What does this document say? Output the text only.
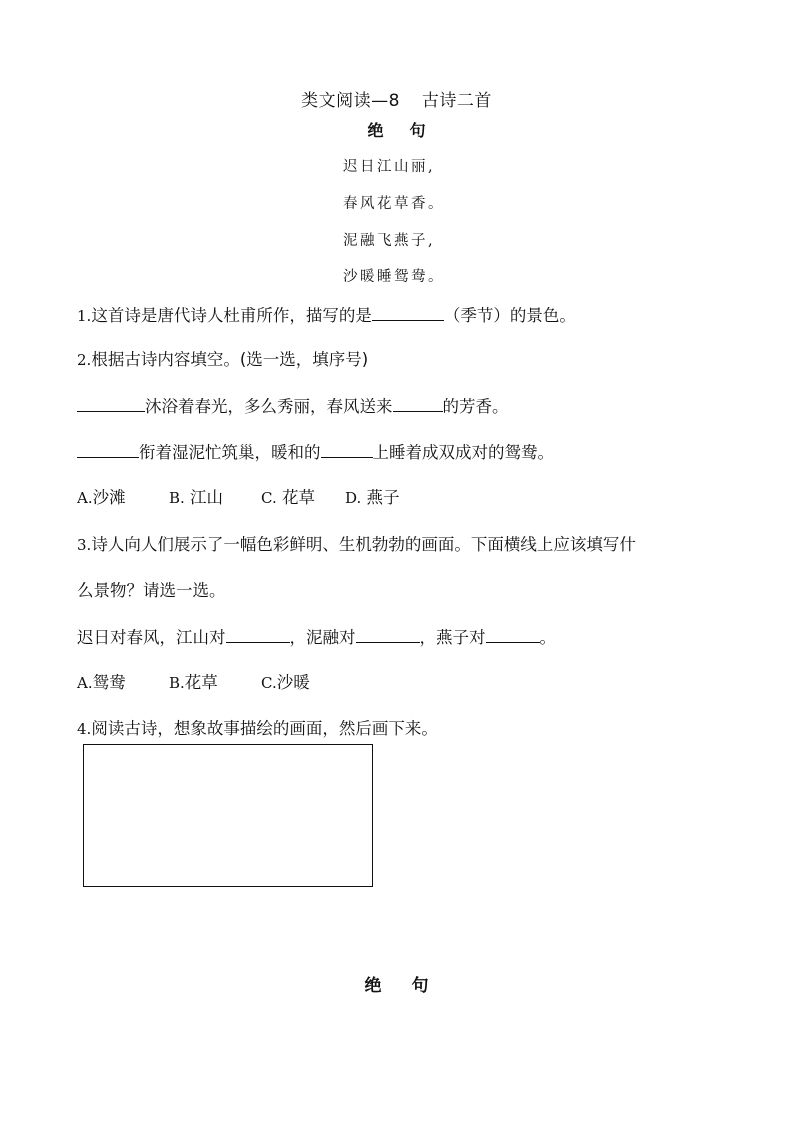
类文阅读—8 古诗二首
绝 句
迟日江山丽,
春风花草香。
泥融飞燕子,
沙暖睡鸳鸯。
1.这首诗是唐代诗人杜甫所作，描写的是	（季节）的景色。
2.根据古诗内容填空。(选一选，填序号)
沐浴着春光，多么秀丽，春风送来	的芳香。
衔着湿泥忙筑巢，暖和的	上睡着成双成对的鸳鸯。
A.沙滩	B. 江山	C. 花草 D. 燕子
3.诗人向人们展示了一幅色彩鲜明、生机勃勃的画面。下面横线上应该填写什
么景物？请选一选。
迟日对春风，江山对	，泥融对	，燕子对	。
A.鸳鸯	B.花草	C.沙暖
4.阅读古诗，想象故事描绘的画面，然后画下来。
绝 句
